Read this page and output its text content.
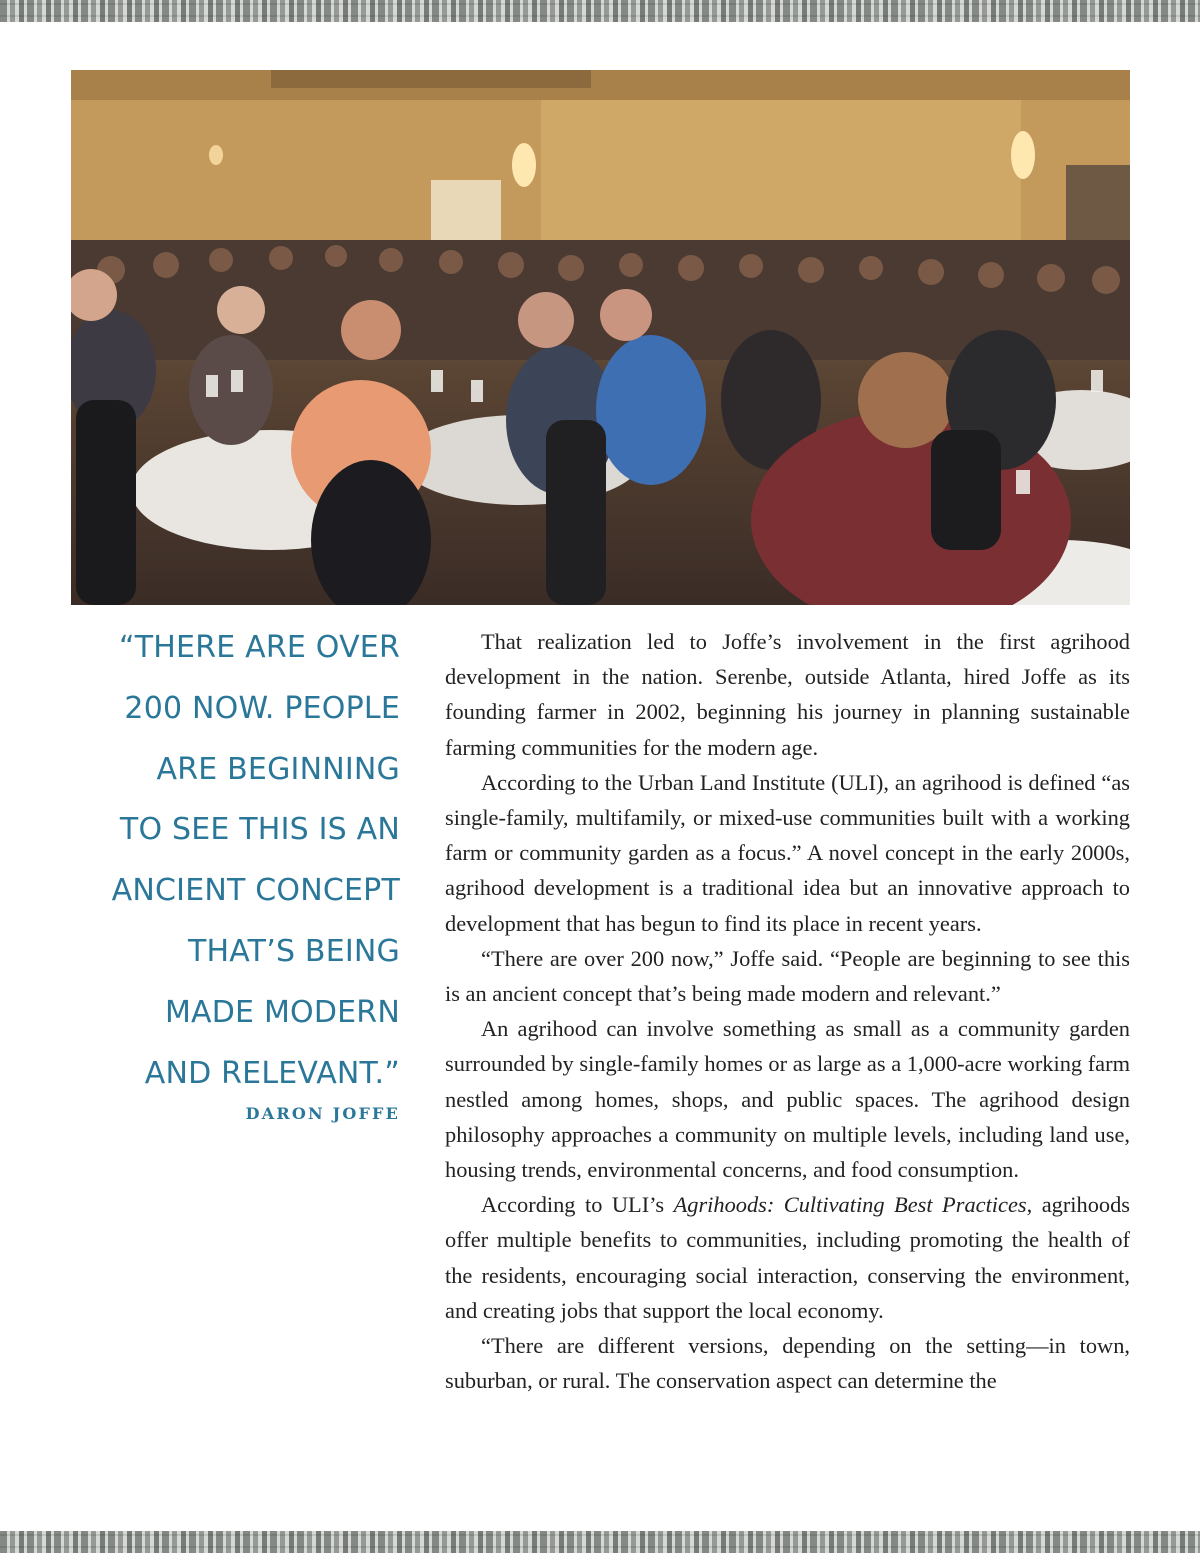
“THERE ARE OVER
200 NOW. PEOPLE
ARE BEGINNING
TO SEE THIS IS AN
ANCIENT CONCEPT
THAT’S BEING
MADE MODERN
AND RELEVANT.”
DARON JOFFE

That realization led to Joffe’s involvement in the first agrihood development in the nation. Serenbe, outside Atlanta, hired Joffe as its founding farmer in 2002, beginning his journey in planning sustainable farming communities for the modern age.

According to the Urban Land Institute (ULI), an agrihood is defined “as single-family, multifamily, or mixed-use communities built with a working farm or community garden as a focus.” A novel concept in the early 2000s, agrihood development is a traditional idea but an innovative approach to development that has begun to find its place in recent years.

“There are over 200 now,” Joffe said. “People are beginning to see this is an ancient concept that’s being made modern and relevant.”

An agrihood can involve something as small as a community garden surrounded by single-family homes or as large as a 1,000-acre working farm nestled among homes, shops, and public spaces. The agrihood design philosophy approaches a community on multiple levels, including land use, housing trends, environmental concerns, and food consumption.

According to ULI’s Agrihoods: Cultivating Best Practices, agrihoods offer multiple benefits to communities, including promoting the health of the residents, encouraging social interaction, conserving the environment, and creating jobs that support the local economy.

“There are different versions, depending on the setting—in town, suburban, or rural. The conservation aspect can determine the
